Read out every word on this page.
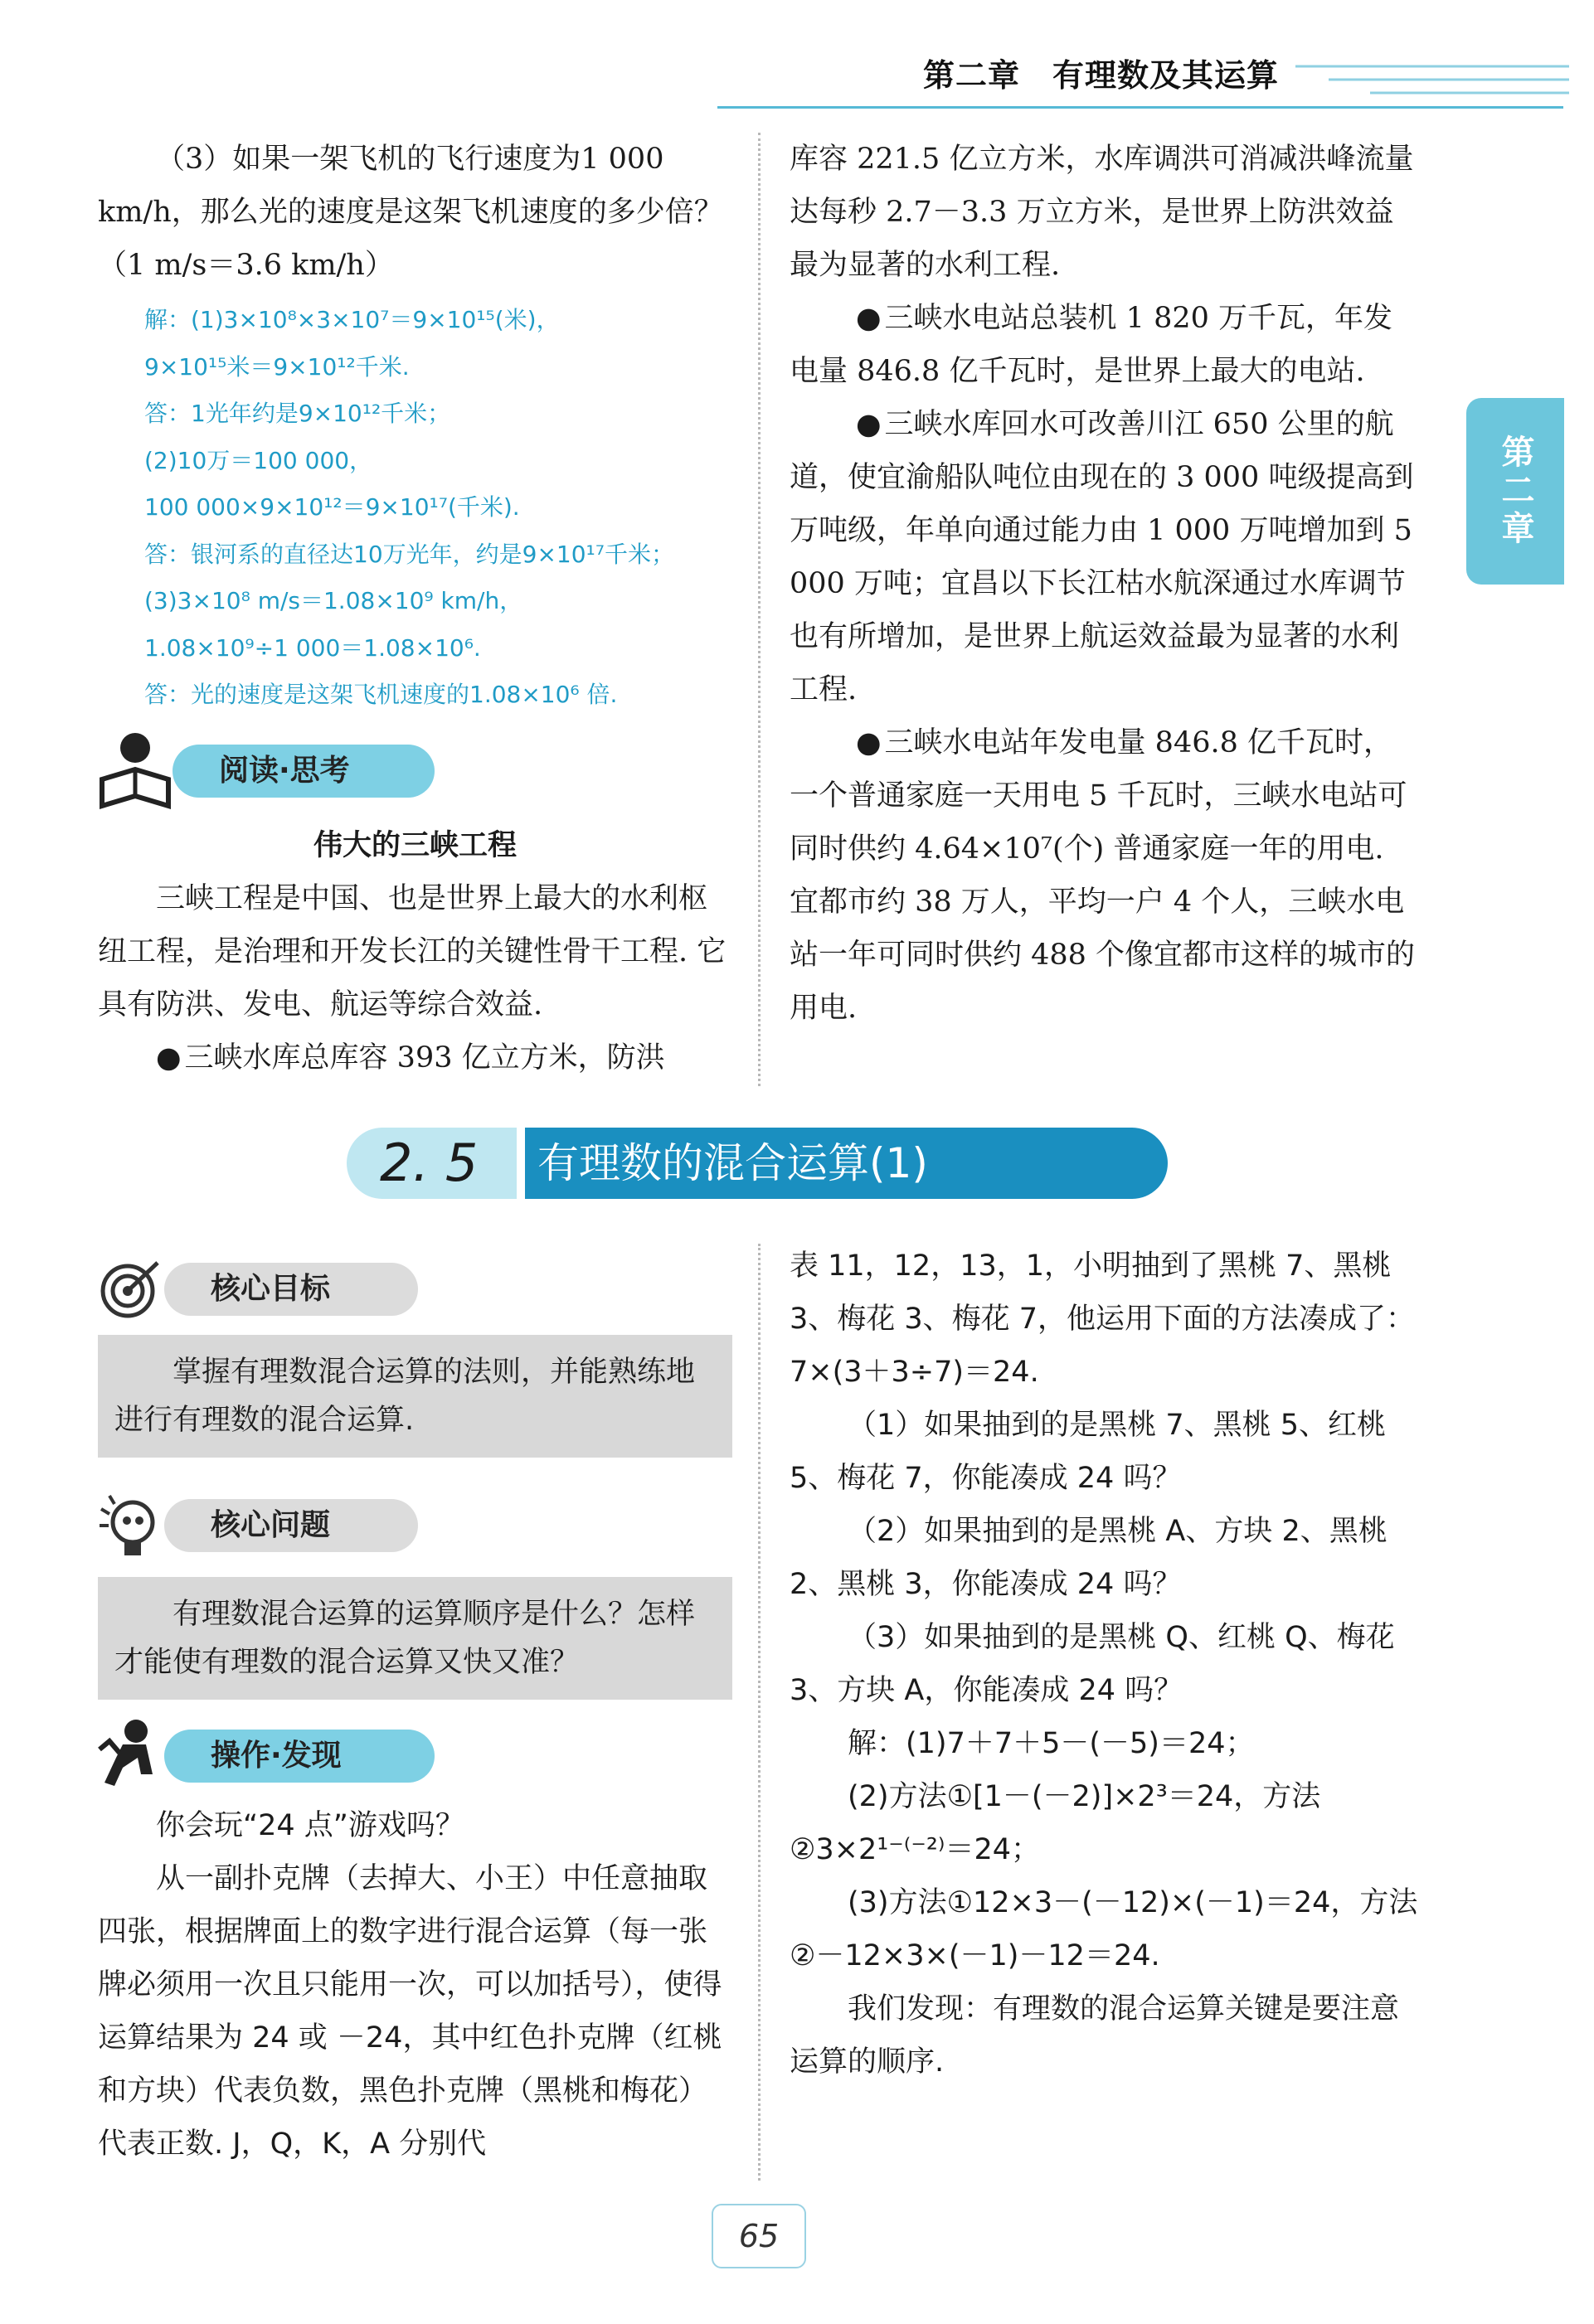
第二章　有理数及其运算
第二章

（3）如果一架飞机的飞行速度为1 000 km/h，那么光的速度是这架飞机速度的多少倍？（1 m/s＝3.6 km/h）

解：(1)3×10⁸×3×10⁷＝9×10¹⁵(米)，
9×10¹⁵米＝9×10¹²千米.
答：1光年约是9×10¹²千米；
(2)10万＝100 000，
100 000×9×10¹²＝9×10¹⁷(千米).
答：银河系的直径达10万光年，约是9×10¹⁷千米；
(3)3×10⁸ m/s＝1.08×10⁹ km/h，
1.08×10⁹÷1 000＝1.08×10⁶.
答：光的速度是这架飞机速度的1.08×10⁶ 倍.
阅读·思考

伟大的三峡工程

三峡工程是中国、也是世界上最大的水利枢纽工程，是治理和开发长江的关键性骨干工程. 它具有防洪、发电、航运等综合效益.

● 三峡水库总库容 393 亿立方米，防洪

库容 221.5 亿立方米，水库调洪可消减洪峰流量达每秒 2.7－3.3 万立方米，是世界上防洪效益最为显著的水利工程.

● 三峡水电站总装机 1 820 万千瓦，年发电量 846.8 亿千瓦时，是世界上最大的电站.

● 三峡水库回水可改善川江 650 公里的航道，使宜渝船队吨位由现在的 3 000 吨级提高到万吨级，年单向通过能力由 1 000 万吨增加到 5 000 万吨；宜昌以下长江枯水航深通过水库调节也有所增加，是世界上航运效益最为显著的水利工程.

● 三峡水电站年发电量 846.8 亿千瓦时，一个普通家庭一天用电 5 千瓦时，三峡水电站可同时供约 4.64×10⁷(个) 普通家庭一年的用电. 宜都市约 38 万人，平均一户 4 个人，三峡水电站一年可同时供约 488 个像宜都市这样的城市的用电.

2. 5	有理数的混合运算(1)
核心目标

掌握有理数混合运算的法则，并能熟练地进行有理数的混合运算.

核心问题

有理数混合运算的运算顺序是什么？怎样才能使有理数的混合运算又快又准？

操作·发现

你会玩“24 点”游戏吗？

从一副扑克牌（去掉大、小王）中任意抽取四张，根据牌面上的数字进行混合运算（每一张牌必须用一次且只能用一次，可以加括号），使得运算结果为 24 或 －24，其中红色扑克牌（红桃和方块）代表负数，黑色扑克牌（黑桃和梅花）代表正数. J，Q，K，A 分别代

表 11，12，13，1，小明抽到了黑桃 7、黑桃 3、梅花 3、梅花 7，他运用下面的方法凑成了：7×(3＋3÷7)＝24.

（1）如果抽到的是黑桃 7、黑桃 5、红桃 5、梅花 7，你能凑成 24 吗？

（2）如果抽到的是黑桃 A、方块 2、黑桃 2、黑桃 3，你能凑成 24 吗？

（3）如果抽到的是黑桃 Q、红桃 Q、梅花 3、方块 A，你能凑成 24 吗？

解：(1)7＋7＋5－(－5)＝24；

(2)方法①[1－(－2)]×2³＝24，方法②3×2¹⁻⁽⁻²⁾＝24；

(3)方法①12×3－(－12)×(－1)＝24，方法②－12×3×(－1)－12＝24.

我们发现：有理数的混合运算关键是要注意运算的顺序.

65
